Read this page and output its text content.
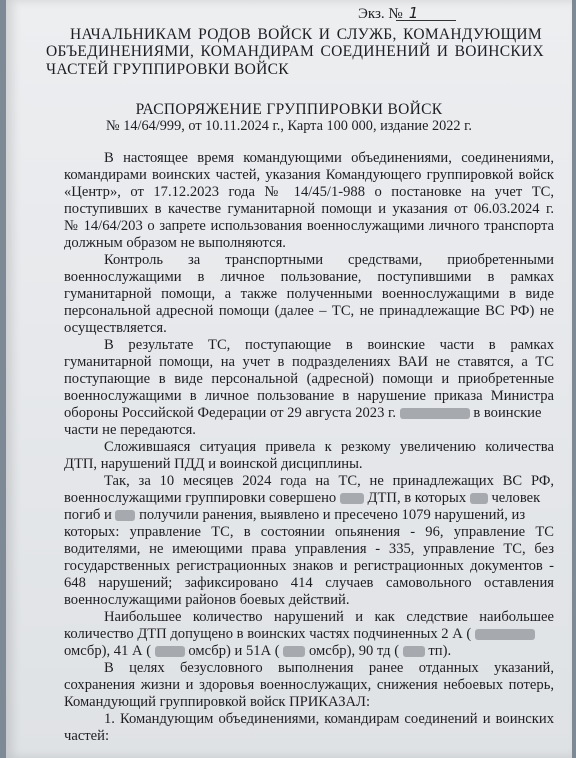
Экз. № 1
НАЧАЛЬНИКАМ РОДОВ ВОЙСК И СЛУЖБ, КОМАНДУЮЩИМ
ОБЪЕДИНЕНИЯМИ, КОМАНДИРАМ СОЕДИНЕНИЙ И ВОИНСКИХ
ЧАСТЕЙ ГРУППИРОВКИ ВОЙСК
РАСПОРЯЖЕНИЕ ГРУППИРОВКИ ВОЙСК
№ 14/64/999, от 10.11.2024 г., Карта 100 000, издание 2022 г.
В настоящее время командующими объединениями, соединениями,
командирами воинских частей, указания Командующего группировкой войск
«Центр», от 17.12.2023 года № 14/45/1-988 о постановке на учет ТС,
поступивших в качестве гуманитарной помощи и указания от 06.03.2024 г.
№ 14/64/203 о запрете использования военнослужащими личного транспорта
должным образом не выполняются.
Контроль за транспортными средствами, приобретенными
военнослужащими в личное пользование, поступившими в рамках
гуманитарной помощи, а также полученными военнослужащими в виде
персональной адресной помощи (далее – ТС, не принадлежащие ВС РФ) не
осуществляется.
В результате ТС, поступающие в воинские части в рамках
гуманитарной помощи, на учет в подразделениях ВАИ не ставятся, а ТС
поступающие в виде персональной (адресной) помощи и приобретенные
военнослужащими в личное пользование в нарушение приказа Министра
обороны Российской Федерации от 29 августа 2023 г.	в воинские
части не передаются.
Сложившаяся ситуация привела к резкому увеличению количества
ДТП, нарушений ПДД и воинской дисциплины.
Так, за 10 месяцев 2024 года на ТС, не принадлежащих ВС РФ,
военнослужащими группировки совершено ДТП, в которых человек
погиб и получили ранения, выявлено и пресечено 1079 нарушений, из
которых: управление ТС, в состоянии опьянения - 96, управление ТС
водителями, не имеющими права управления - 335, управление ТС, без
государственных регистрационных знаков и регистрационных документов -
648 нарушений; зафиксировано 414 случаев самовольного оставления
военнослужащими районов боевых действий.
Наибольшее количество нарушений и как следствие наибольшее
количество ДТП допущено в воинских частях подчиненных 2 А (
омсбр), 41 А (	омсбр) и 51А ( омсбр), 90 тд ( тп).
В целях безусловного выполнения ранее отданных указаний,
сохранения жизни и здоровья военнослужащих, снижения небоевых потерь,
Командующий группировкой войск ПРИКАЗАЛ:
1. Командующим объединениями, командирам соединений и воинских
частей:
